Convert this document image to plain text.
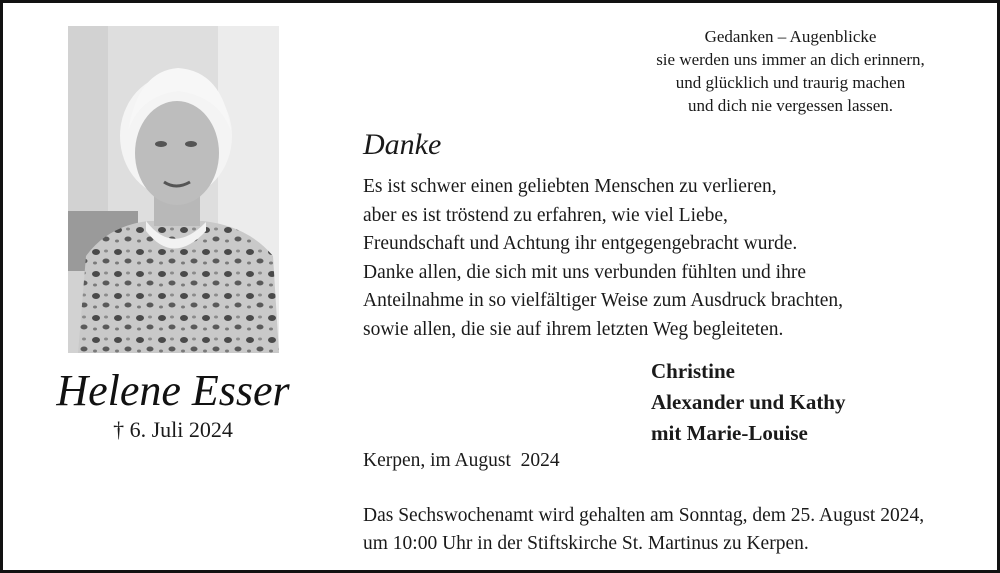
Helene Esser
† 6. Juli 2024
Gedanken – Augenblicke
sie werden uns immer an dich erinnern,
und glücklich und traurig machen
und dich nie vergessen lassen.
Danke
Es ist schwer einen geliebten Menschen zu verlieren,
aber es ist tröstend zu erfahren, wie viel Liebe,
Freundschaft und Achtung ihr entgegengebracht wurde.
Danke allen, die sich mit uns verbunden fühlten und ihre
Anteilnahme in so vielfältiger Weise zum Ausdruck brachten,
sowie allen, die sie auf ihrem letzten Weg begleiteten.
Christine
Alexander und Kathy
mit Marie-Louise
Kerpen, im August  2024
Das Sechswochenamt wird gehalten am Sonntag, dem 25. August 2024,
um 10:00 Uhr in der Stiftskirche St. Martinus zu Kerpen.
